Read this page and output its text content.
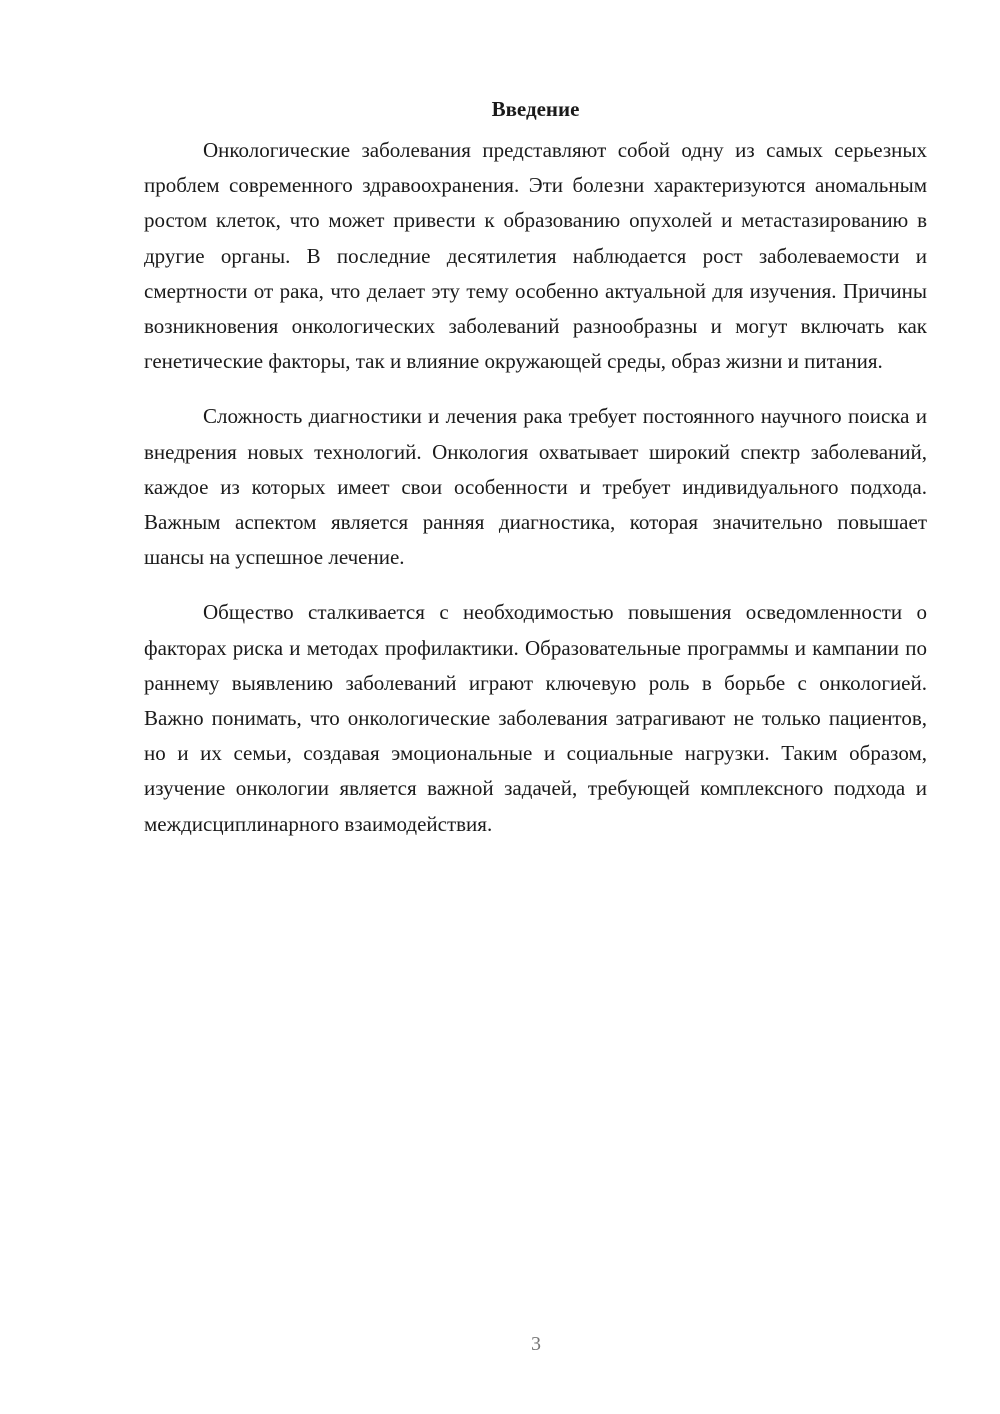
Введение

Онкологические заболевания представляют собой одну из самых серьезных проблем современного здравоохранения. Эти болезни характеризуются аномальным ростом клеток, что может привести к образованию опухолей и метастазированию в другие органы. В последние десятилетия наблюдается рост заболеваемости и смертности от рака, что делает эту тему особенно актуальной для изучения. Причины возникновения онкологических заболеваний разнообразны и могут включать как генетические факторы, так и влияние окружающей среды, образ жизни и питания.

Сложность диагностики и лечения рака требует постоянного научного поиска и внедрения новых технологий. Онкология охватывает широкий спектр заболеваний, каждое из которых имеет свои особенности и требует индивидуального подхода. Важным аспектом является ранняя диагностика, которая значительно повышает шансы на успешное лечение.

Общество сталкивается с необходимостью повышения осведомленности о факторах риска и методах профилактики. Образовательные программы и кампании по раннему выявлению заболеваний играют ключевую роль в борьбе с онкологией. Важно понимать, что онкологические заболевания затрагивают не только пациентов, но и их семьи, создавая эмоциональные и социальные нагрузки. Таким образом, изучение онкологии является важной задачей, требующей комплексного подхода и междисциплинарного взаимодействия.

3
